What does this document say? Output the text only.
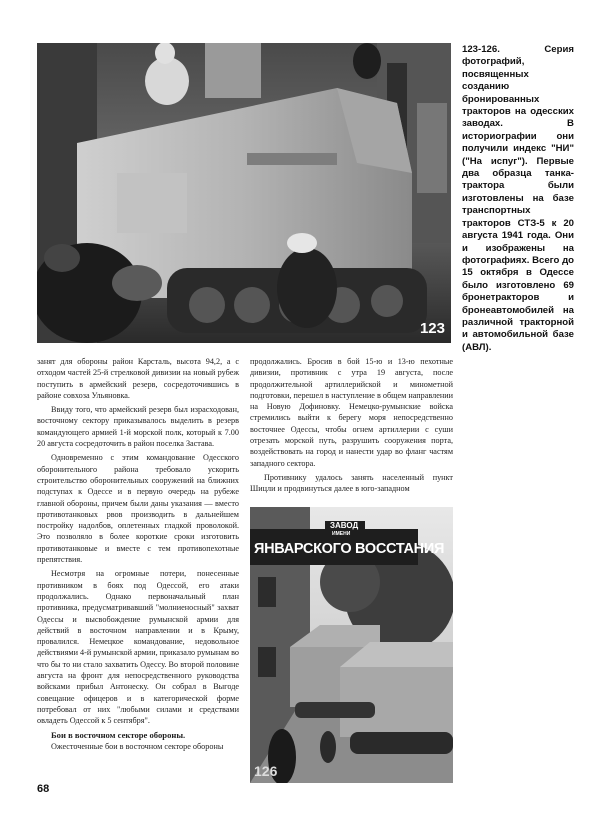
123
123-126. Серия фотографий, посвященных созданию бронированных тракторов на одесских заводах. В историографии они получили индекс "НИ" ("На испуг"). Первые два образца танка-трактора были изготовлены на базе транспортных тракторов СТЗ-5 к 20 августа 1941 года. Они и изображены на фотографиях. Всего до 15 октября в Одессе было изготовлено 69 бронетракторов и бронеавтомобилей на различной тракторной и автомобильной базе (АВЛ).

занят для обороны район Карсталь, высота 94,2, а с отходом частей 25-й стрелковой дивизии на новый рубеж поступить в армейский резерв, сосредоточившись в районе совхоза Ульяновка.

Ввиду того, что армейский резерв был израсходован, восточному сектору приказывалось выделить в резерв командующего армией 1-й морской полк, который к 7.00 20 августа сосредоточить в район поселка Застава.

Одновременно с этим командование Одесского оборонительного района требовало ускорить строительство оборонительных сооружений на ближних подступах к Одессе и в первую очередь на рубеже главной обороны, причем были даны указания — вместо противотанковых рвов производить в дальнейшем постройку надолбов, оплетенных гладкой проволокой. Это позволяло в более короткие сроки изготовить противотанковые и вместе с тем противопехотные препятствия.

Несмотря на огромные потери, понесенные противником в боях под Одессой, его атаки продолжались. Однако первоначальный план противника, предусматривавший "молниеносный" захват Одессы и высвобождение румынской армии для действий в восточном направлении и в Крыму, провалился. Немецкое командование, недовольное действиями 4-й румынской армии, приказало румынам во что бы то ни стало захватить Одессу. Во второй половине августа на фронт для непосредственного руководства войсками прибыл Антонеску. Он собрал в Выгоде совещание офицеров и в категорической форме потребовал от них "любыми силами и средствами овладеть Одессой к 5 сентября".

Бои в восточном секторе обороны.

Ожесточенные бои в восточном секторе обороны

продолжались. Бросив в бой 15-ю и 13-ю пехотные дивизии, противник с утра 19 августа, после продолжительной артиллерийской и минометной подготовки, перешел в наступление в общем направлении на Новую Дофиновку. Немецко-румынские войска стремились выйти к берегу моря непосредственно восточнее Одессы, чтобы огнем артиллерии с суши отрезать морской путь, разрушить сооружения порта, воздействовать на город и нанести удар во фланг частям западного сектора.

Противнику удалось занять населенный пункт Шицли и продвинуться далее в юго-западном

ЗАВОД
ИМЕНИ
ЯНВАРСКОГО ВОССТАНИЯ
126
68
